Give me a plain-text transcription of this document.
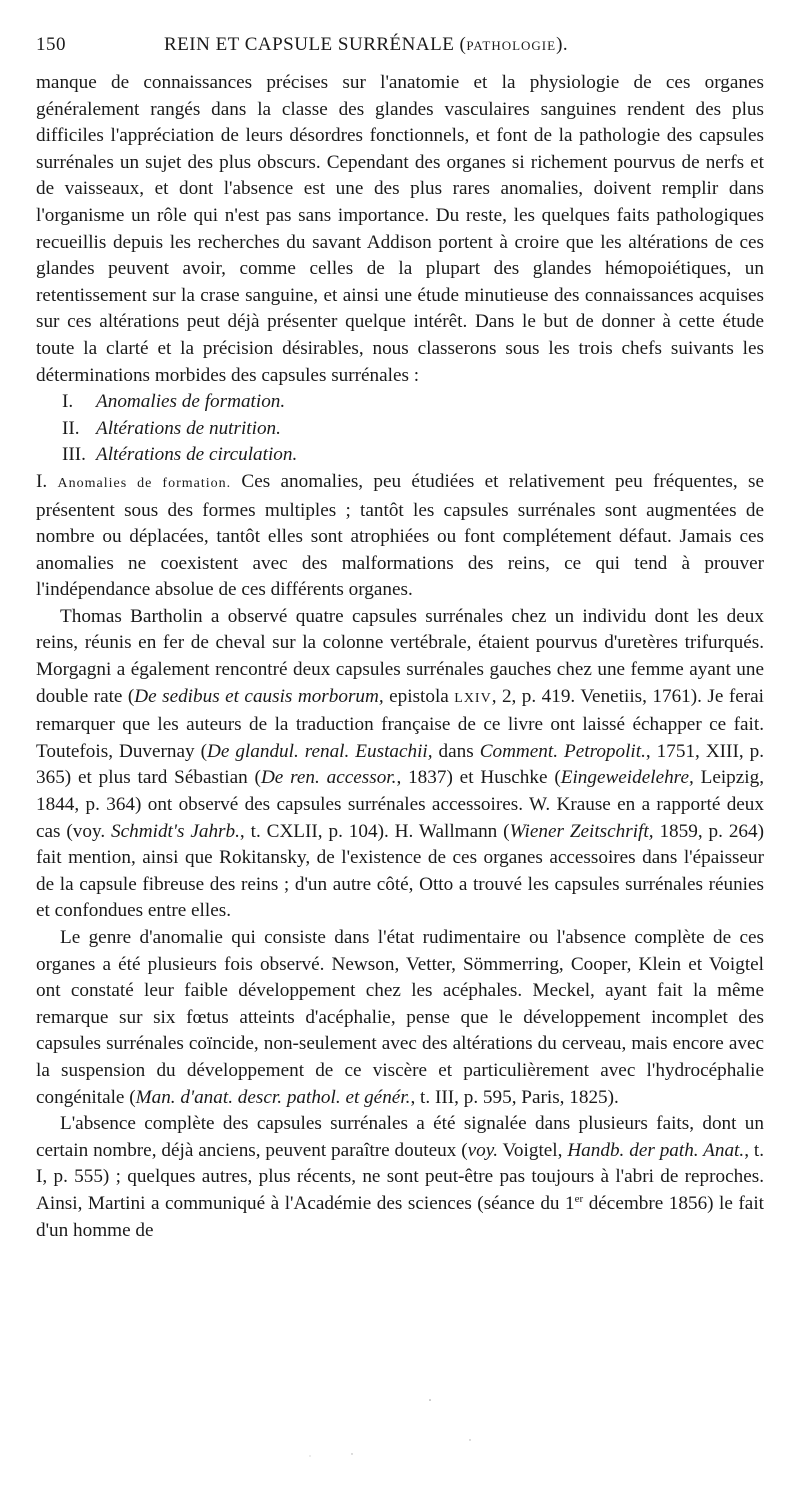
150	REIN ET CAPSULE SURRÉNALE (PATHOLOGIE).

manque de connaissances précises sur l'anatomie et la physiologie de ces organes généralement rangés dans la classe des glandes vasculaires sanguines rendent des plus difficiles l'appréciation de leurs désordres fonctionnels, et font de la pathologie des capsules surrénales un sujet des plus obscurs. Cependant des organes si richement pourvus de nerfs et de vaisseaux, et dont l'absence est une des plus rares anomalies, doivent remplir dans l'organisme un rôle qui n'est pas sans importance. Du reste, les quelques faits pathologiques recueillis depuis les recherches du savant Addison portent à croire que les altérations de ces glandes peuvent avoir, comme celles de la plupart des glandes hémopoiétiques, un retentissement sur la crase sanguine, et ainsi une étude minutieuse des connaissances acquises sur ces altérations peut déjà présenter quelque intérêt. Dans le but de donner à cette étude toute la clarté et la précision désirables, nous classerons sous les trois chefs suivants les déterminations morbides des capsules surrénales :

I. Anomalies de formation.
II. Altérations de nutrition.
III. Altérations de circulation.

I. Anomalies de formation. Ces anomalies, peu étudiées et relativement peu fréquentes, se présentent sous des formes multiples ; tantôt les capsules surrénales sont augmentées de nombre ou déplacées, tantôt elles sont atrophiées ou font complétement défaut. Jamais ces anomalies ne coexistent avec des malformations des reins, ce qui tend à prouver l'indépendance absolue de ces différents organes.

Thomas Bartholin a observé quatre capsules surrénales chez un individu dont les deux reins, réunis en fer de cheval sur la colonne vertébrale, étaient pourvus d'uretères trifurqués. Morgagni a également rencontré deux capsules surrénales gauches chez une femme ayant une double rate (De sedibus et causis morborum, epistola LXIV, 2, p. 419. Venetiis, 1761). Je ferai remarquer que les auteurs de la traduction française de ce livre ont laissé échapper ce fait. Toutefois, Duvernay (De glandul. renal. Eustachii, dans Comment. Petropolit., 1751, XIII, p. 365) et plus tard Sébastian (De ren. accessor., 1837) et Huschke (Eingeweidelehre, Leipzig, 1844, p. 364) ont observé des capsules surrénales accessoires. W. Krause en a rapporté deux cas (voy. Schmidt's Jahrb., t. CXLII, p. 104). H. Wallmann (Wiener Zeitschrift, 1859, p. 264) fait mention, ainsi que Rokitansky, de l'existence de ces organes accessoires dans l'épaisseur de la capsule fibreuse des reins ; d'un autre côté, Otto a trouvé les capsules surrénales réunies et confondues entre elles.

Le genre d'anomalie qui consiste dans l'état rudimentaire ou l'absence complète de ces organes a été plusieurs fois observé. Newson, Vetter, Sömmerring, Cooper, Klein et Voigtel ont constaté leur faible développement chez les acéphales. Meckel, ayant fait la même remarque sur six fœtus atteints d'acéphalie, pense que le développement incomplet des capsules surrénales coïncide, non-seulement avec des altérations du cerveau, mais encore avec la suspension du développement de ce viscère et particulièrement avec l'hydrocéphalie congénitale (Man. d'anat. descr. pathol. et génér., t. III, p. 595, Paris, 1825).

L'absence complète des capsules surrénales a été signalée dans plusieurs faits, dont un certain nombre, déjà anciens, peuvent paraître douteux (voy. Voigtel, Handb. der path. Anat., t. I, p. 555) ; quelques autres, plus récents, ne sont peut-être pas toujours à l'abri de reproches. Ainsi, Martini a communiqué à l'Académie des sciences (séance du 1er décembre 1856) le fait d'un homme de
